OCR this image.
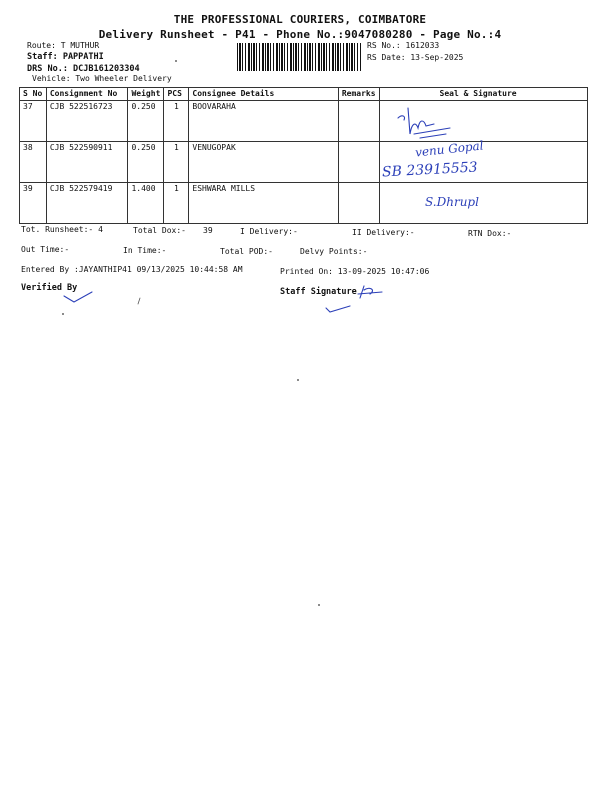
THE PROFESSIONAL COURIERS, COIMBATORE
Delivery Runsheet - P41 - Phone No.:9047080280 - Page No.:4
Route: T MUTHUR
Staff: PAPPATHI
DRS No.: DCJB161203304
Vehicle: Two Wheeler Delivery
RS No.: 1612033
RS Date: 13-Sep-2025
S No	Consignment No	Weight	PCS	Consignee Details	Remarks	Seal & Signature
37	CJB 522516723	0.250	1	BOOVARAHA		
38	CJB 522590911	0.250	1	VENUGOPAK		
39	CJB 522579419	1.400	1	ESHWARA MILLS		
venu Gopal
SB 23915553
S.Dhrupl
Tot. Runsheet:- 4	Total Dox:- 39	I Delivery:-	II Delivery:-	RTN Dox:-
Out Time:-	In Time:-	Total POD:-	Delvy Points:-
Entered By :JAYANTHIP41 09/13/2025 10:44:58 AM	Printed On: 13-09-2025 10:47:06
Verified By	Staff Signature
